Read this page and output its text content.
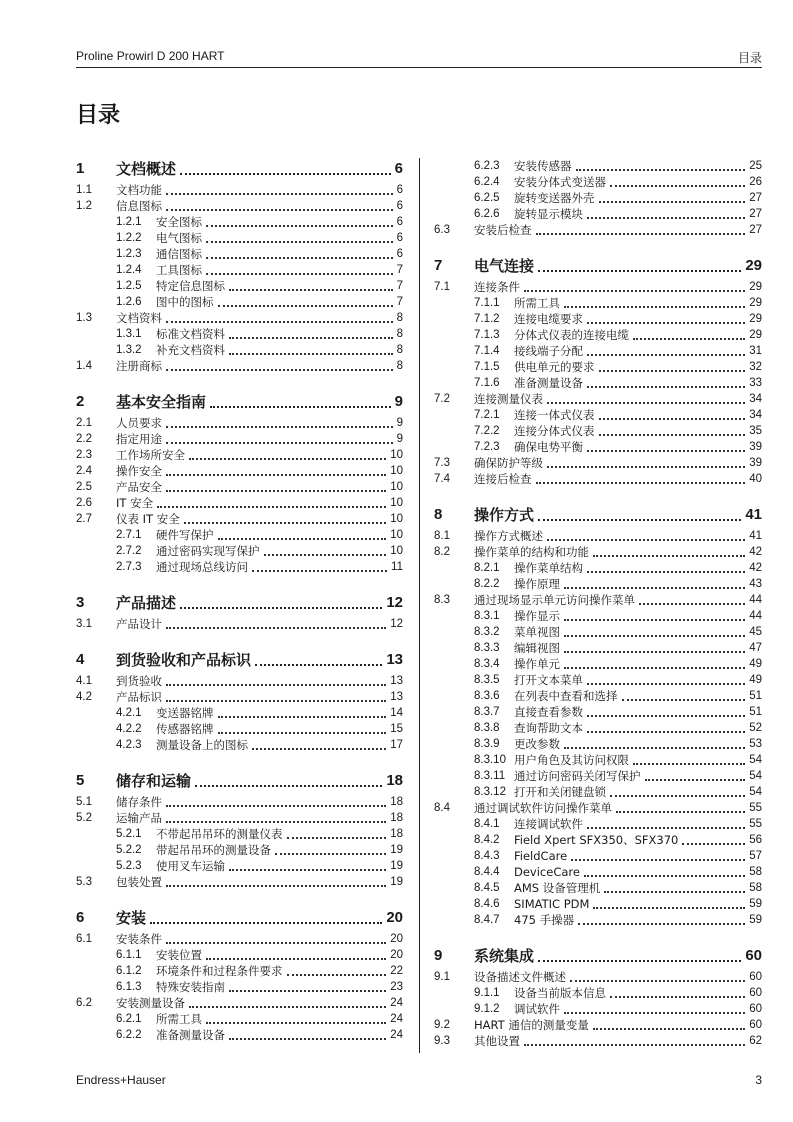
Proline Prowirl D 200 HART	目录
目录
1	文档概述	6
1.1	文档功能	6
1.2	信息图标	6
1.2.1	安全图标	6
1.2.2	电气图标	6
1.2.3	通信图标	6
1.2.4	工具图标	7
1.2.5	特定信息图标	7
1.2.6	图中的图标	7
1.3	文档资料	8
1.3.1	标准文档资料	8
1.3.2	补充文档资料	8
1.4	注册商标	8
2	基本安全指南	9
2.1	人员要求	9
2.2	指定用途	9
2.3	工作场所安全	10
2.4	操作安全	10
2.5	产品安全	10
2.6	IT 安全	10
2.7	仪表 IT 安全	10
2.7.1	硬件写保护	10
2.7.2	通过密码实现写保护	10
2.7.3	通过现场总线访问	11
3	产品描述	12
3.1	产品设计	12
4	到货验收和产品标识	13
4.1	到货验收	13
4.2	产品标识	13
4.2.1	变送器铭牌	14
4.2.2	传感器铭牌	15
4.2.3	测量设备上的图标	17
5	储存和运输	18
5.1	储存条件	18
5.2	运输产品	18
5.2.1	不带起吊吊环的测量仪表	18
5.2.2	带起吊吊环的测量设备	19
5.2.3	使用叉车运输	19
5.3	包装处置	19
6	安装	20
6.1	安装条件	20
6.1.1	安装位置	20
6.1.2	环境条件和过程条件要求	22
6.1.3	特殊安装指南	23
6.2	安装测量设备	24
6.2.1	所需工具	24
6.2.2	准备测量设备	24
6.2.3	安装传感器	25
6.2.4	安装分体式变送器	26
6.2.5	旋转变送器外壳	27
6.2.6	旋转显示模块	27
6.3	安装后检查	27
7	电气连接	29
7.1	连接条件	29
7.1.1	所需工具	29
7.1.2	连接电缆要求	29
7.1.3	分体式仪表的连接电缆	29
7.1.4	接线端子分配	31
7.1.5	供电单元的要求	32
7.1.6	准备测量设备	33
7.2	连接测量仪表	34
7.2.1	连接一体式仪表	34
7.2.2	连接分体式仪表	35
7.2.3	确保电势平衡	39
7.3	确保防护等级	39
7.4	连接后检查	40
8	操作方式	41
8.1	操作方式概述	41
8.2	操作菜单的结构和功能	42
8.2.1	操作菜单结构	42
8.2.2	操作原理	43
8.3	通过现场显示单元访问操作菜单	44
8.3.1	操作显示	44
8.3.2	菜单视图	45
8.3.3	编辑视图	47
8.3.4	操作单元	49
8.3.5	打开文本菜单	49
8.3.6	在列表中查看和选择	51
8.3.7	直接查看参数	51
8.3.8	查询帮助文本	52
8.3.9	更改参数	53
8.3.10 用户角色及其访问权限	54
8.3.11 通过访问密码关闭写保护	54
8.3.12 打开和关闭键盘锁	54
8.4	通过调试软件访问操作菜单	55
8.4.1	连接调试软件	55
8.4.2	Field Xpert SFX350、SFX370	56
8.4.3	FieldCare	57
8.4.4	DeviceCare	58
8.4.5	AMS 设备管理机	58
8.4.6	SIMATIC PDM	59
8.4.7	475 手操器	59
9	系统集成	60
9.1	设备描述文件概述	60
9.1.1	设备当前版本信息	60
9.1.2	调试软件	60
9.2	HART 通信的测量变量	60
9.3	其他设置	62
Endress+Hauser	3
